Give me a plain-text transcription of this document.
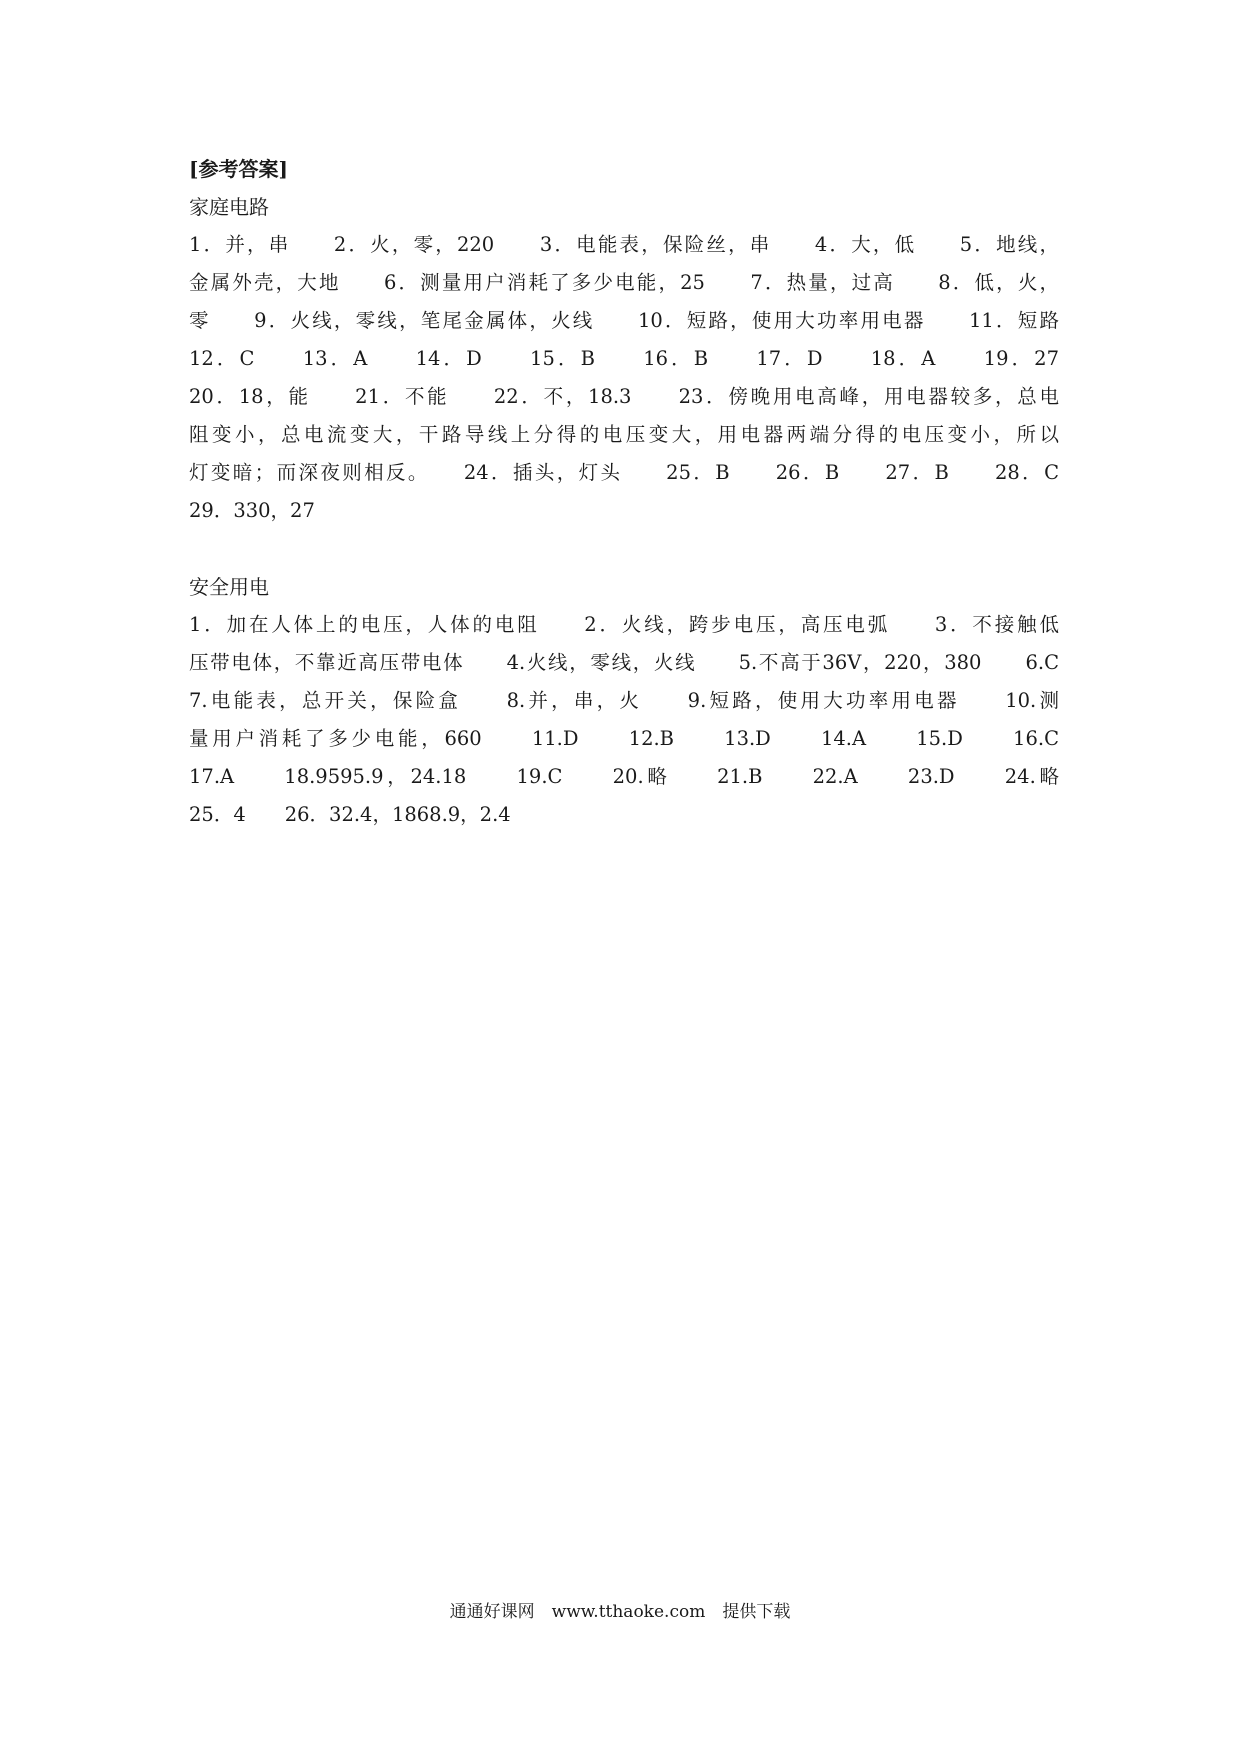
[参考答案]
家庭电路
1．并，串　　2．火，零，220　　3．电能表，保险丝，串　　4．大，低　　5．地线，
金属外壳，大地　　6．测量用户消耗了多少电能，25　　7．热量，过高　　8．低，火，
零　　9．火线，零线，笔尾金属体，火线　　10．短路，使用大功率用电器　　11．短路
12．C　　13．A　　14．D　　15．B　　16．B　　17．D　　18．A　　19．27
20．18，能　　21．不能　　22．不，18.3　　23．傍晚用电高峰，用电器较多，总电
阻变小，总电流变大，干路导线上分得的电压变大，用电器两端分得的电压变小，所以
灯变暗；而深夜则相反。　　24．插头，灯头　　25．B　　26．B　　27．B　　28．C
29．330，27
安全用电
1．加在人体上的电压，人体的电阻　　2．火线，跨步电压，高压电弧　　3．不接触低
压带电体，不靠近高压带电体　　4.火线，零线，火线　　5.不高于36V，220，380　　6.C
7.电能表，总开关，保险盒　　8.并，串，火　　9.短路，使用大功率用电器　　10.测
量用户消耗了多少电能，660　　11.D　　12.B　　13.D　　14.A　　15.D　　16.C
17.A　　18.9595.9，24.18　　19.C　　20.略　　21.B　　22.A　　23.D　　24.略
25．4　　26．32.4，1868.9，2.4
通通好课网　www.tthaoke.com　提供下载
